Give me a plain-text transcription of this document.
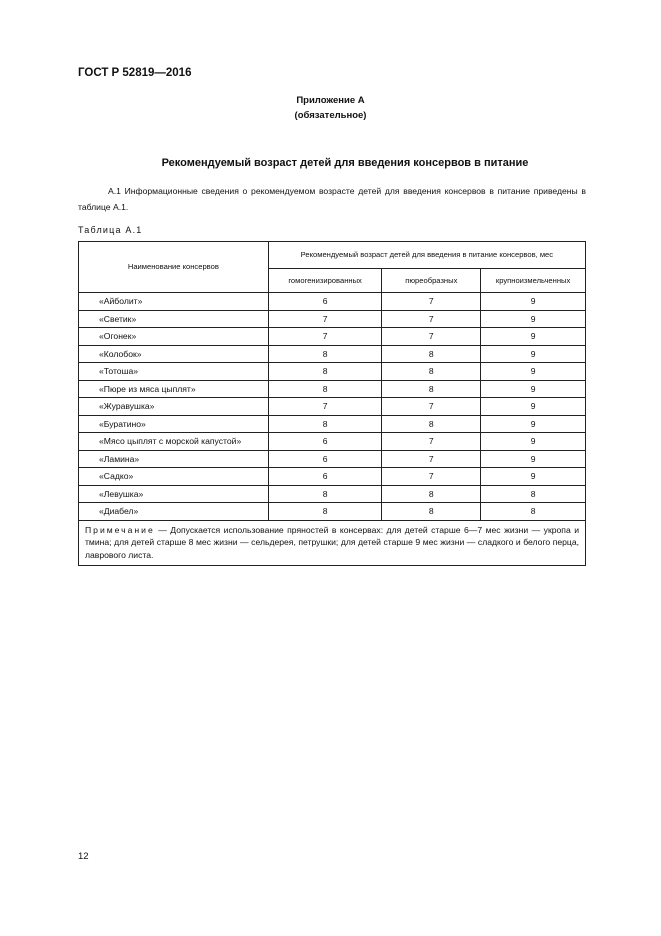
ГОСТ Р 52819—2016
Приложение А
(обязательное)
Рекомендуемый возраст детей для введения консервов в питание
А.1 Информационные сведения о рекомендуемом возрасте детей для введения консервов в питание приведены в таблице А.1.
Таблица А.1
Наименование консервов	Рекомендуемый возраст детей для введения в питание консервов, мес		
	гомогенизированных	пюреобразных	крупноизмельченных
«Айболит»	6	7	9
«Светик»	7	7	9
«Огонек»	7	7	9
«Колобок»	8	8	9
«Тотоша»	8	8	9
«Пюре из мяса цыплят»	8	8	9
«Журавушка»	7	7	9
«Буратино»	8	8	9
«Мясо цыплят с морской капустой»	6	7	9
«Ламина»	6	7	9
«Садко»	6	7	9
«Левушка»	8	8	8
«Диабел»	8	8	8
Примечание — Допускается использование пряностей в консервах: для детей старше 6—7 мес жизни — укропа и тмина; для детей старше 8 мес жизни — сельдерея, петрушки; для детей старше 9 мес жизни — сладкого и белого перца, лаврового листа.			
12
